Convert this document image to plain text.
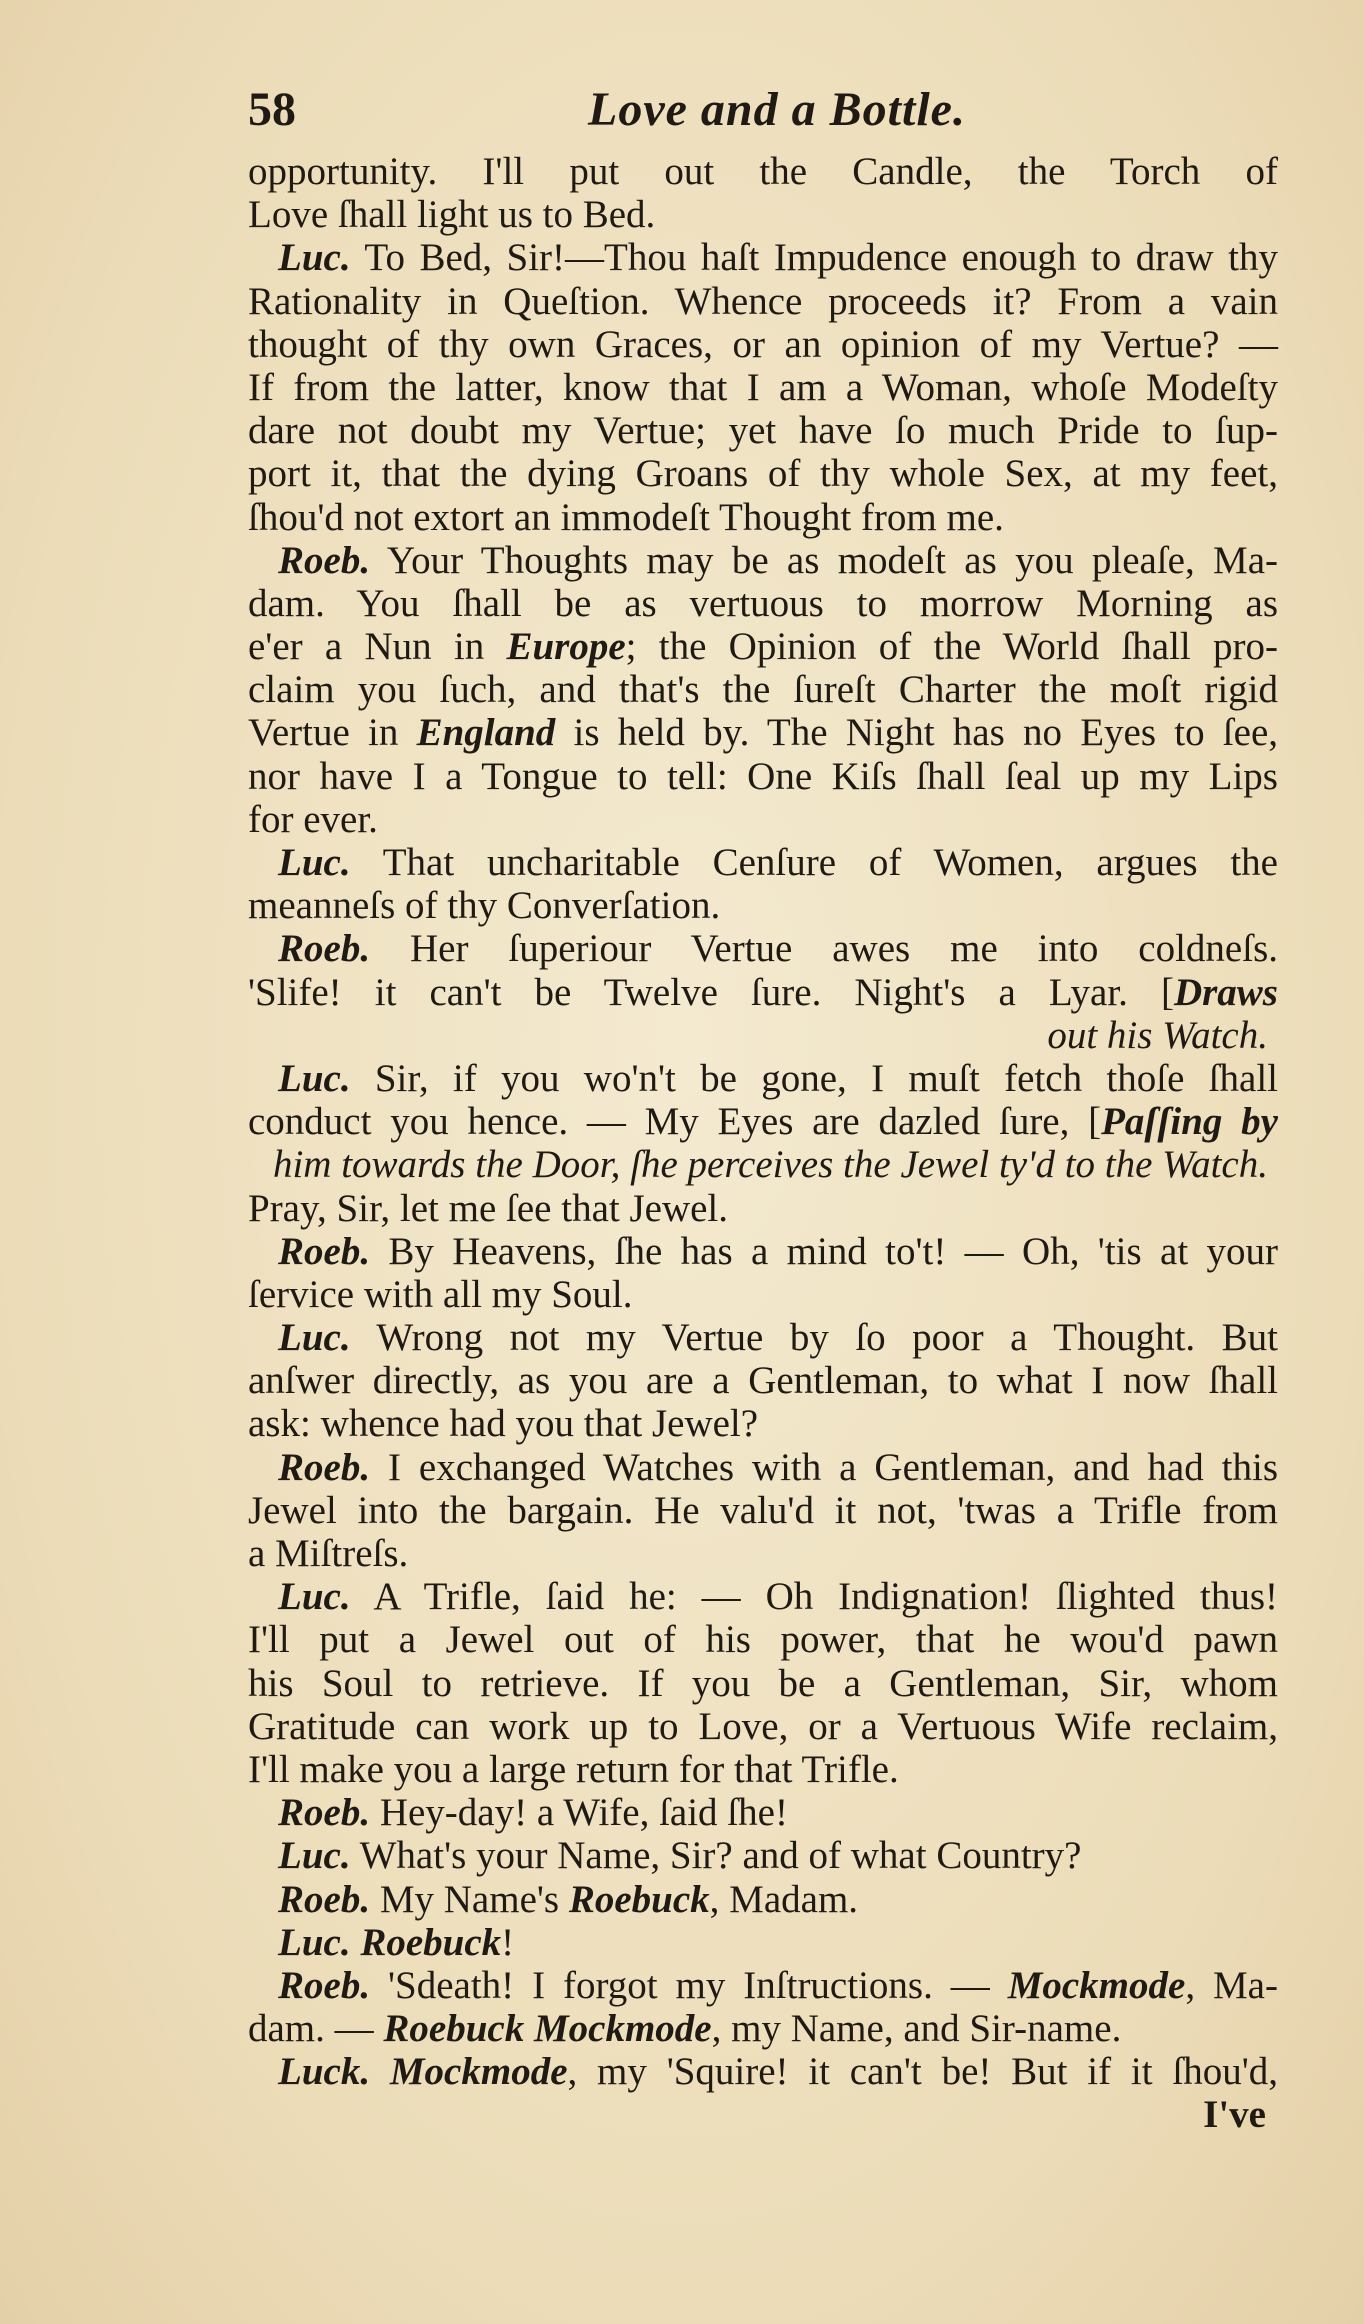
58	Love and a Bottle.
opportunity. I'll put out the Candle, the Torch of
Love ſhall light us to Bed.
Luc. To Bed, Sir!—Thou haſt Impudence enough to draw thy
Rationality in Queſtion. Whence proceeds it? From a vain
thought of thy own Graces, or an opinion of my Vertue? —
If from the latter, know that I am a Woman, whoſe Modeſty
dare not doubt my Vertue; yet have ſo much Pride to ſup-
port it, that the dying Groans of thy whole Sex, at my feet,
ſhou'd not extort an immodeſt Thought from me.
Roeb. Your Thoughts may be as modeſt as you pleaſe, Ma-
dam. You ſhall be as vertuous to morrow Morning as
e'er a Nun in Europe; the Opinion of the World ſhall pro-
claim you ſuch, and that's the ſureſt Charter the moſt rigid
Vertue in England is held by. The Night has no Eyes to ſee,
nor have I a Tongue to tell: One Kiſs ſhall ſeal up my Lips
for ever.
Luc. That uncharitable Cenſure of Women, argues the
meanneſs of thy Converſation.
Roeb. Her ſuperiour Vertue awes me into coldneſs.
'Slife! it can't be Twelve ſure. Night's a Lyar. [Draws
out his Watch.
Luc. Sir, if you wo'n't be gone, I muſt fetch thoſe ſhall
conduct you hence. — My Eyes are dazled ſure, [Paſſing by
him towards the Door, ſhe perceives the Jewel ty'd to the Watch.
Pray, Sir, let me ſee that Jewel.
Roeb. By Heavens, ſhe has a mind to't! — Oh, 'tis at your
ſervice with all my Soul.
Luc. Wrong not my Vertue by ſo poor a Thought. But
anſwer directly, as you are a Gentleman, to what I now ſhall
ask: whence had you that Jewel?
Roeb. I exchanged Watches with a Gentleman, and had this
Jewel into the bargain. He valu'd it not, 'twas a Trifle from
a Miſtreſs.
Luc. A Trifle, ſaid he: — Oh Indignation! ſlighted thus!
I'll put a Jewel out of his power, that he wou'd pawn
his Soul to retrieve. If you be a Gentleman, Sir, whom
Gratitude can work up to Love, or a Vertuous Wife reclaim,
I'll make you a large return for that Trifle.
Roeb. Hey-day! a Wife, ſaid ſhe!
Luc. What's your Name, Sir? and of what Country?
Roeb. My Name's Roebuck, Madam.
Luc. Roebuck!
Roeb. 'Sdeath! I forgot my Inſtructions. — Mockmode, Ma-
dam. — Roebuck Mockmode, my Name, and Sir-name.
Luck. Mockmode, my 'Squire! it can't be! But if it ſhou'd,
I've
